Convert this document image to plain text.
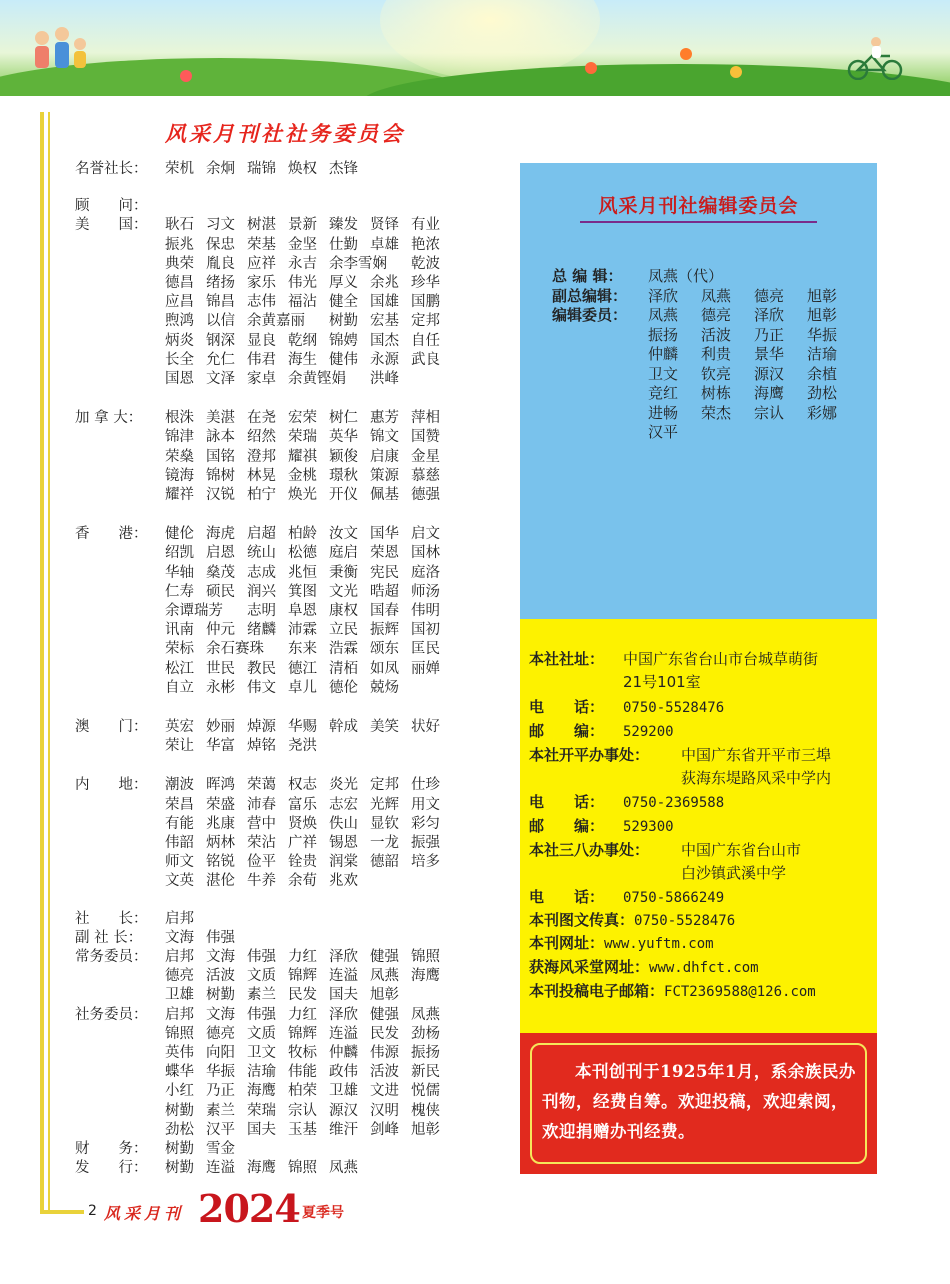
风采月刊社社务委员会
名誉社长： 荣机 余炯 瑞锦 焕权 杰锋
顾　　问：
美　　国： 耿石 习文 树湛 景新 臻发 贤铎 有业
振兆 保忠 荣基 金坚 仕勤 卓雄 艳浓
典荣 胤良 应祥 永吉 余李雪娴 乾波
德昌 绪扬 家乐 伟光 厚义 余兆 珍华
应昌 锦昌 志伟 福沾 健全 国雄 国鹏
煦鸿 以信 余黄嘉丽 树勤 宏基 定邦
炳炎 钢深 显良 乾纲 锦娉 国杰 自任
长全 允仁 伟君 海生 健伟 永源 武良
国恩 文泽 家卓 余黄铿娟 洪峰
加 拿 大： 根洙 美湛 在尧 宏荣 树仁 惠芳 萍相
锦津 詠本 绍然 荣瑞 英华 锦文 国赞
荣燊 国铭 澄邦 耀祺 颖俊 启康 金星
镜海 锦树 林晃 金桃 璟秋 策源 慕慈
耀祥 汉锐 柏宁 焕光 开仪 佩基 德强
香　　港： 健伦 海虎 启超 柏龄 汝文 国华 启文
绍凯 启恩 统山 松德 庭启 荣恩 国林
华轴 燊茂 志成 兆恒 秉衡 宪民 庭洛
仁寿 硕民 润兴 箕图 文光 晧超 师汤
余谭瑞芳 志明 阜恩 康权 国春 伟明
讯南 仲元 绪麟 沛霖 立民 振辉 国初
荣标 余石赛珠 东来 浩霖 颂东 匡民
松江 世民 教民 德江 清栢 如凤 丽婵
自立 永彬 伟文 卓儿 德伦 兢炀
澳　　门： 英宏 妙丽 焯源 华赐 幹成 美笑 状好
荣让 华富 焯铭 尧洪
内　　地： 潮波 晖鸿 荣蔼 权志 炎光 定邦 仕珍
荣昌 荣盛 沛春 富乐 志宏 光辉 用文
有能 兆康 营中 贤焕 佚山 显钦 彩匀
伟韶 炳林 荣沾 广祥 锡恩 一龙 振强
师文 铭锐 俭平 铨贵 润棠 德韶 培多
文英 湛伦 牛养 余荀 兆欢
社　　长： 启邦
副 社 长： 文海 伟强
常务委员： 启邦 文海 伟强 力红 泽欣 健强 锦照
德亮 活波 文质 锦辉 连溢 凤燕 海鹰
卫雄 树勤 素兰 民发 国夫 旭彰
社务委员： 启邦 文海 伟强 力红 泽欣 健强 凤燕
锦照 德亮 文质 锦辉 连溢 民发 劲杨
英伟 向阳 卫文 牧标 仲麟 伟源 振扬
蝶华 华振 洁瑜 伟能 政伟 活波 新民
小红 乃正 海鹰 柏荣 卫雄 文进 悦儒
树勤 素兰 荣瑞 宗认 源汉 汉明 槐侠
劲松 汉平 国夫 玉基 维汗 剑峰 旭彰
财　　务： 树勤 雪金
发　　行： 树勤 连溢 海鹰 锦照 凤燕
风采月刊社编辑委员会
总 编 辑： 凤燕（代）
副总编辑： 泽欣 凤燕 德亮 旭彰
编辑委员： 凤燕 德亮 泽欣 旭彰
振扬 活波 乃正 华振
仲麟 利贵 景华 洁瑜
卫文 钦亮 源汉 余植
竞红 树栋 海鹰 劲松
进畅 荣杰 宗认 彩娜
汉平
本社社址： 中国广东省台山市台城草萌街
21号101室
电　　话： 0750-5528476
邮　　编： 529200
本社开平办事处： 中国广东省开平市三埠
荻海东堤路风采中学内
电　　话： 0750-2369588
邮　　编： 529300
本社三八办事处： 中国广东省台山市
白沙镇武溪中学
电　　话： 0750-5866249
本刊图文传真：0750-5528476
本刊网址：www.yuftm.com
获海风采堂网址：www.dhfct.com
本刊投稿电子邮箱：FCT2369588@126.com
本刊创刊于1925年1月，系余族民办刊物，经费自筹。欢迎投稿，欢迎索阅，欢迎捐赠办刊经费。
2 风采月刊 2024 夏季号
